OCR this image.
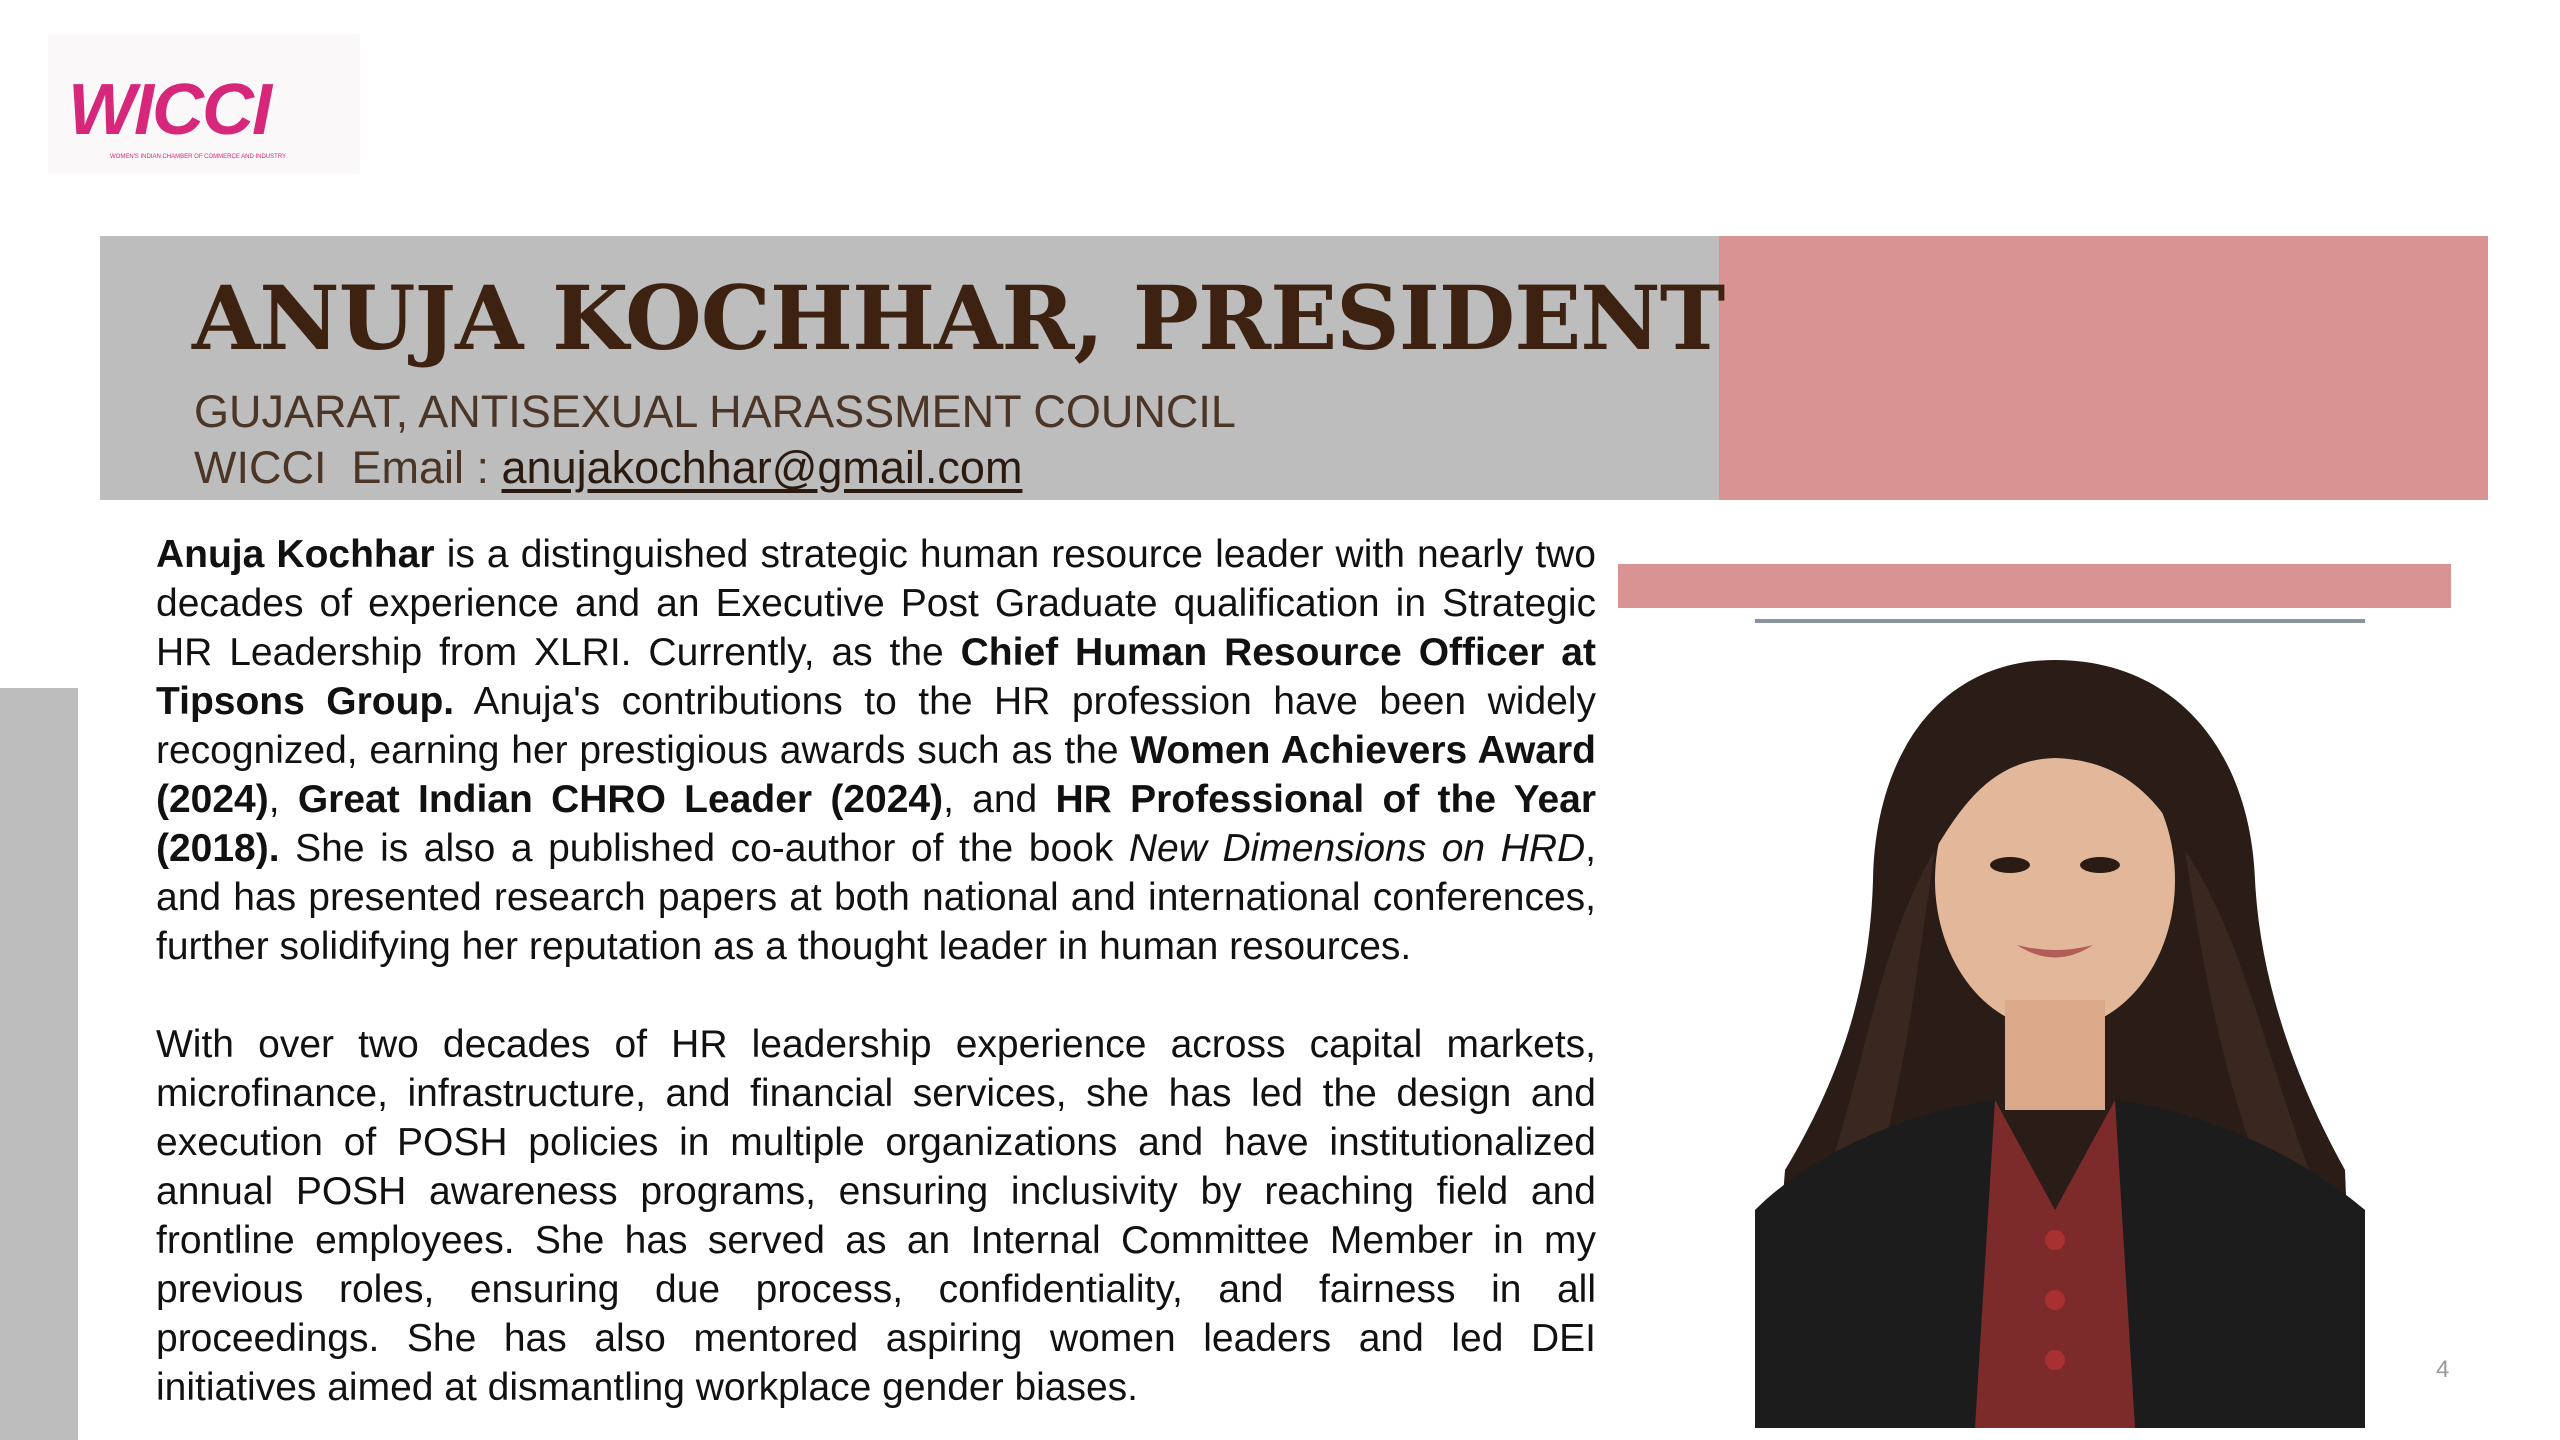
WICCI
WOMEN'S INDIAN CHAMBER OF COMMERCE AND INDUSTRY
ANUJA KOCHHAR, PRESIDENT
GUJARAT, ANTISEXUAL HARASSMENT COUNCIL
WICCI  Email : anujakochhar@gmail.com

Anuja Kochhar is a distinguished strategic human resource leader with nearly two decades of experience and an Executive Post Graduate qualification in Strategic HR Leadership from XLRI. Currently, as the Chief Human Resource Officer at Tipsons Group. Anuja's contributions to the HR profession have been widely recognized, earning her prestigious awards such as the Women Achievers Award (2024), Great Indian CHRO Leader (2024), and HR Professional of the Year (2018). She is also a published co-author of the book New Dimensions on HRD, and has presented research papers at both national and international conferences, further solidifying her reputation as a thought leader in human resources.

With over two decades of HR leadership experience across capital markets, microfinance, infrastructure, and financial services, she has led the design and execution of POSH policies in multiple organizations and have institutionalized annual POSH awareness programs, ensuring inclusivity by reaching field and frontline employees. She has served as an Internal Committee Member in my previous roles, ensuring due process, confidentiality, and fairness in all proceedings. She has also mentored aspiring women leaders and led DEI initiatives aimed at dismantling workplace gender biases.	4
